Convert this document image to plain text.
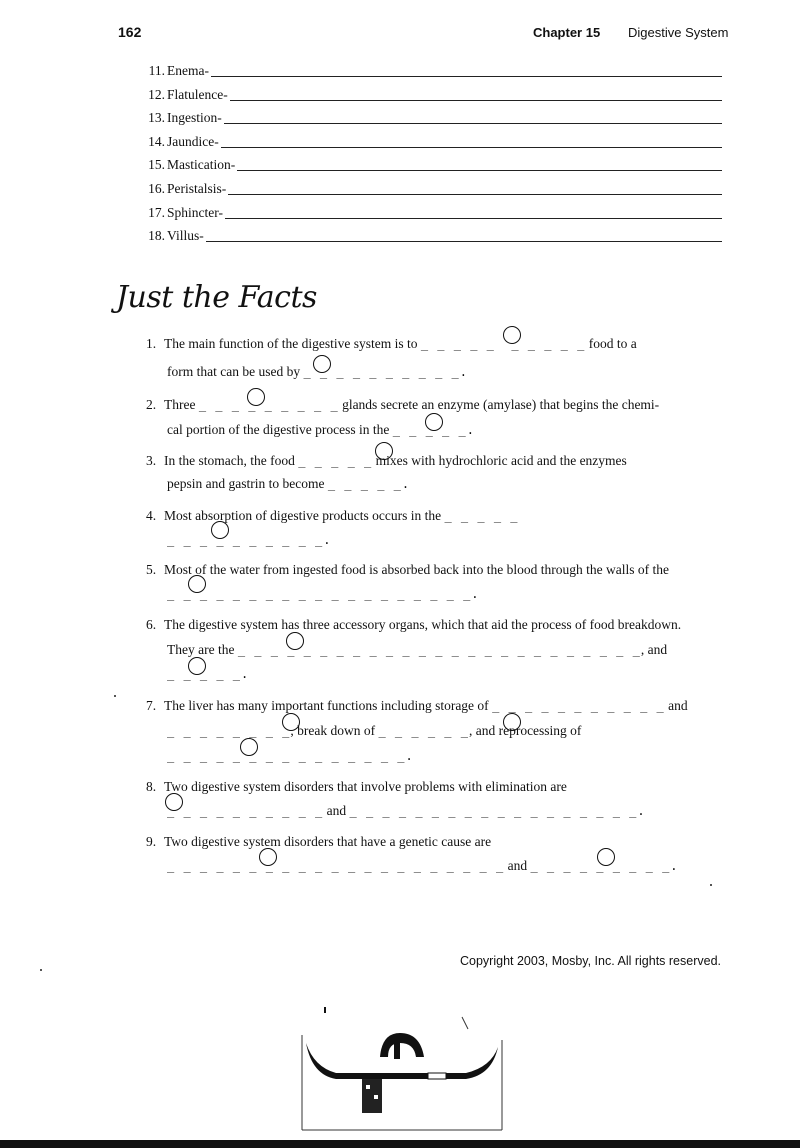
162	Chapter 15 Digestive System
11. Enema-
12. Flatulence-
13. Ingestion-
14. Jaundice-
15. Mastication-
16. Peristalsis-
17. Sphincter-
18. Villus-
Just the Facts
1. The main function of the digestive system is to _ _ _ _ _  _ _ _ _ _ food to a
form that can be used by _ _ _ _ _ _ _ _ _ _.
2. Three _ _ _ _ _ _ _ _ _ glands secrete an enzyme (amylase) that begins the chemi-
cal portion of the digestive process in the _ _ _ _ _.
3. In the stomach, the food _ _ _ _ _ mixes with hydrochloric acid and the enzymes
pepsin and gastrin to become _ _ _ _ _.
4. Most absorption of digestive products occurs in the _ _ _ _ _
_ _ _ _ _ _ _ _ _ _.
5. Most of the water from ingested food is absorbed back into the blood through the walls of the
_ _ _ _ _ _ _ _ _ _ _ _ _ _ _ _ _ _ _.
6. The digestive system has three accessory organs, which that aid the process of food breakdown.
They are the _ _ _ _ _ _ _ _ _ _ _ _ _ _ _ _ _ _ _ _ _ _ _ _ _, and
_ _ _ _ _.
7. The liver has many important functions including storage of _ _ _ _ _ _ _ _ _ _ _ and
_ _ _ _ _ _ _ _, break down of _ _ _ _ _ _, and reprocessing of
_ _ _ _ _ _ _ _ _ _ _ _ _ _ _.
8. Two digestive system disorders that involve problems with elimination are
_ _ _ _ _ _ _ _ _ _ and _ _ _ _ _ _ _ _ _ _ _ _ _ _ _ _ _ _.
9. Two digestive system disorders that have a genetic cause are
_ _ _ _ _ _ _ _ _ _ _ _ _ _ _ _ _ _ _ _ _ and _ _ _ _ _ _ _ _ _.
Copyright 2003, Mosby, Inc. All rights reserved.
